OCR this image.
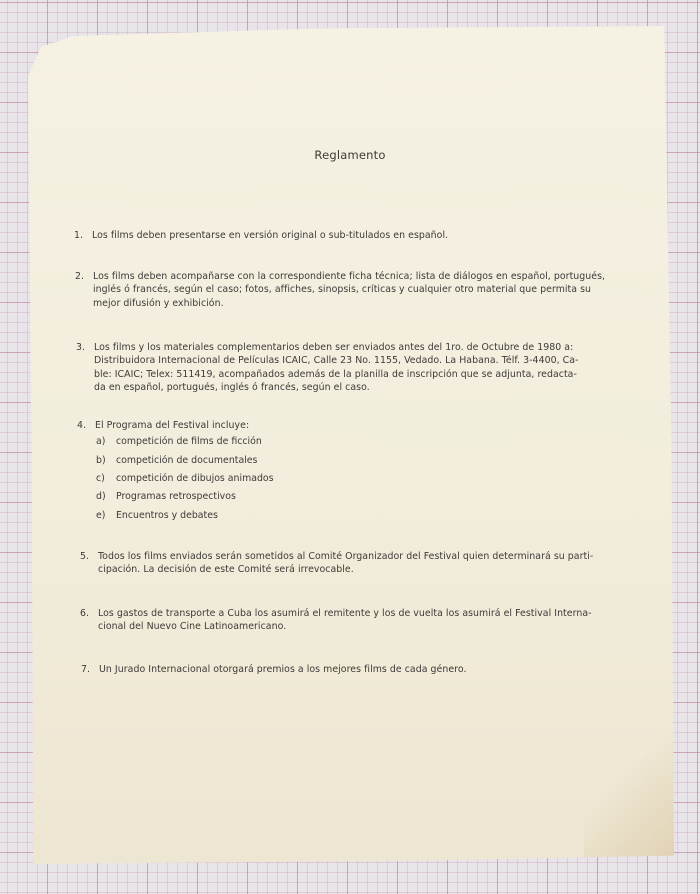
Reglamento
1. Los films deben presentarse en versión original o sub-titulados en español.
2. Los films deben acompañarse con la correspondiente ficha técnica; lista de diálogos en español, portugués,
inglés ó francés, según el caso; fotos, affiches, sinopsis, críticas y cualquier otro material que permita su
mejor difusión y exhibición.
3. Los films y los materiales complementarios deben ser enviados antes del 1ro. de Octubre de 1980 a:
Distribuidora Internacional de Películas ICAIC, Calle 23 No. 1155, Vedado. La Habana. Télf. 3-4400, Ca-
ble: ICAIC; Telex: 511419, acompañados además de la planilla de inscripción que se adjunta, redacta-
da en español, portugués, inglés ó francés, según el caso.
4. El Programa del Festival incluye:
a) competición de films de ficción
b) competición de documentales
c) competición de dibujos animados
d) Programas retrospectivos
e) Encuentros y debates
5. Todos los films enviados serán sometidos al Comité Organizador del Festival quien determinará su parti-
cipación. La decisión de este Comité será irrevocable.
6. Los gastos de transporte a Cuba los asumirá el remitente y los de vuelta los asumirá el Festival Interna-
cional del Nuevo Cine Latinoamericano.
7. Un Jurado Internacional otorgará premios a los mejores films de cada género.
